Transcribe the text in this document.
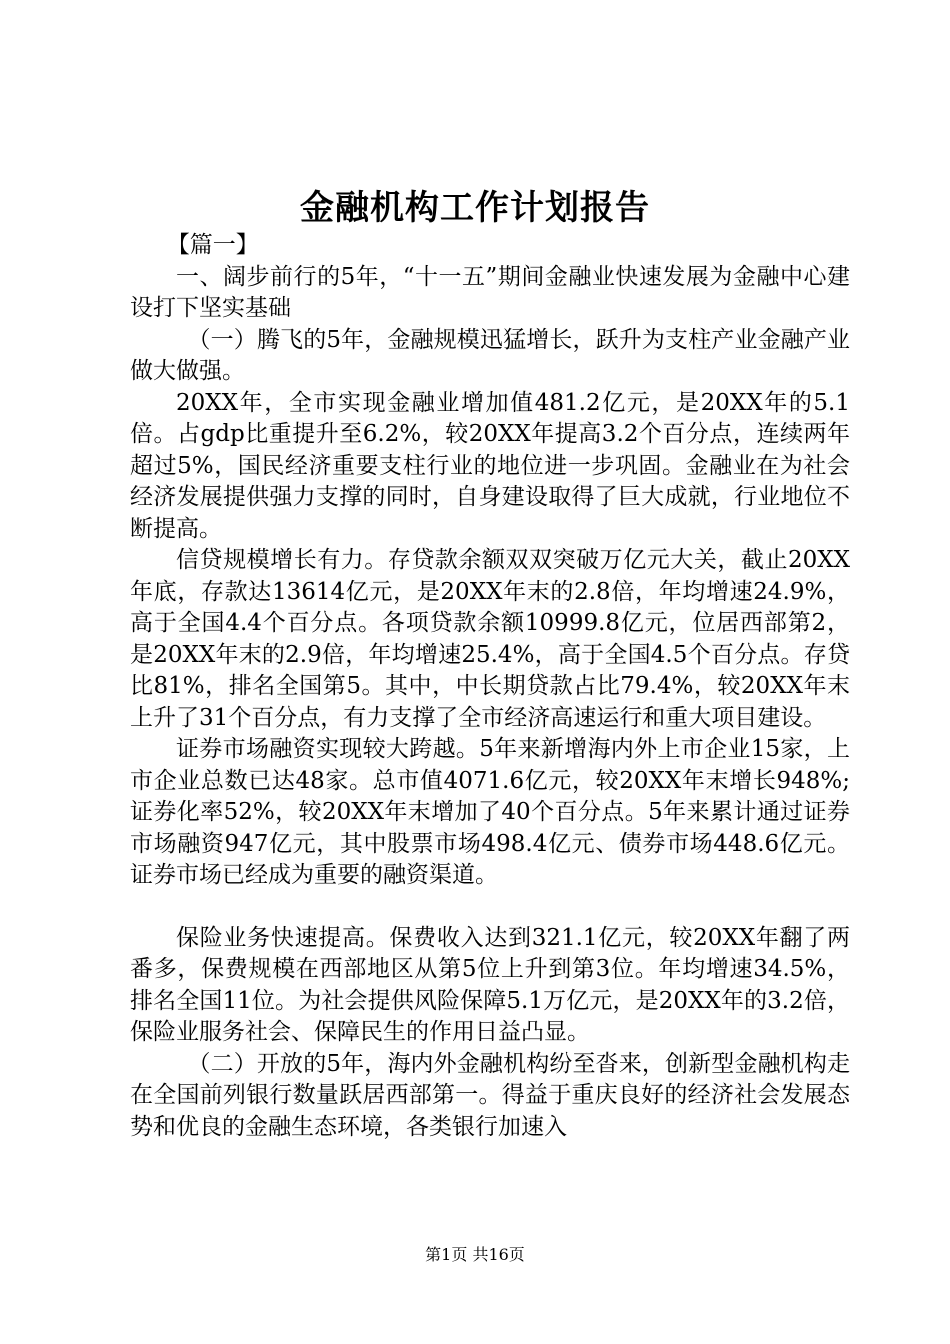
金融机构工作计划报告

【篇一】

一、阔步前行的5年，“十一五”期间金融业快速发展为金融中心建设打下坚实基础

（一）腾飞的5年，金融规模迅猛增长，跃升为支柱产业金融产业做大做强。

20XX年，全市实现金融业增加值481.2亿元，是20XX年的5.1倍。占gdp比重提升至6.2%，较20XX年提高3.2个百分点，连续两年超过5%，国民经济重要支柱行业的地位进一步巩固。金融业在为社会经济发展提供强力支撑的同时，自身建设取得了巨大成就，行业地位不断提高。

信贷规模增长有力。存贷款余额双双突破万亿元大关，截止20XX年底，存款达13614亿元，是20XX年末的2.8倍，年均增速24.9%，高于全国4.4个百分点。各项贷款余额10999.8亿元，位居西部第2，是20XX年末的2.9倍，年均增速25.4%，高于全国4.5个百分点。存贷比81%，排名全国第5。其中，中长期贷款占比79.4%，较20XX年末上升了31个百分点，有力支撑了全市经济高速运行和重大项目建设。

证券市场融资实现较大跨越。5年来新增海内外上市企业15家，上市企业总数已达48家。总市值4071.6亿元，较20XX年末增长948%;证券化率52%，较20XX年末增加了40个百分点。5年来累计通过证券市场融资947亿元，其中股票市场498.4亿元、债券市场448.6亿元。证券市场已经成为重要的融资渠道。

保险业务快速提高。保费收入达到321.1亿元，较20XX年翻了两番多，保费规模在西部地区从第5位上升到第3位。年均增速34.5%，排名全国11位。为社会提供风险保障5.1万亿元，是20XX年的3.2倍，保险业服务社会、保障民生的作用日益凸显。

（二）开放的5年，海内外金融机构纷至沓来，创新型金融机构走在全国前列银行数量跃居西部第一。得益于重庆良好的经济社会发展态势和优良的金融生态环境，各类银行加速入

第1页 共16页
